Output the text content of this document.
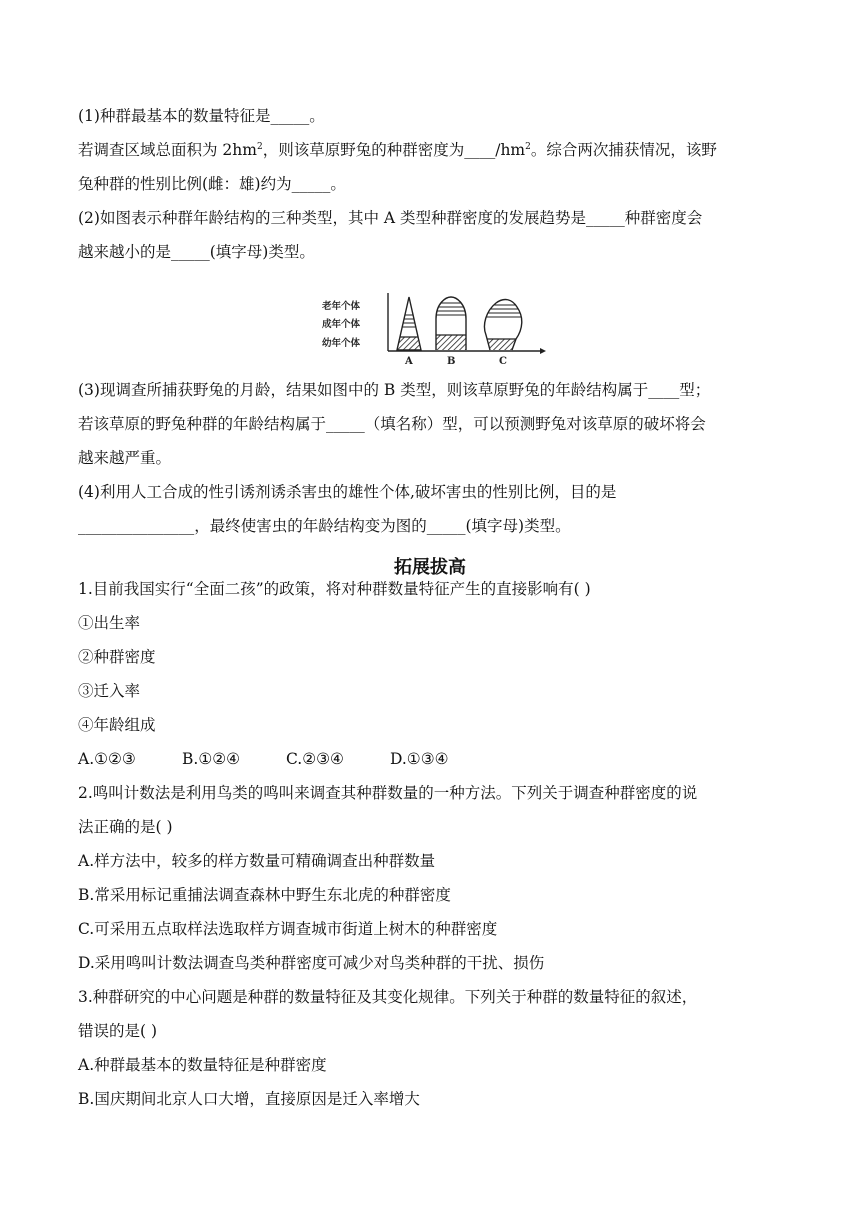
(1)种群最基本的数量特征是_____。
若调查区域总面积为 $2hm^2$，则该草原野兔的种群密度为$\_\_\_\_/hm^2$。综合两次捕获情况，该野
兔种群的性别比例(雌：雄)约为_____。
(2)如图表示种群年龄结构的三种类型，其中 A 类型种群密度的发展趋势是_____种群密度会
越来越小的是_____(填字母)类型。
老年个体
成年个体
幼年个体
A	B	C
(3)现调查所捕获野兔的月龄，结果如图中的 B 类型，则该草原野兔的年龄结构属于____型；
若该草原的野兔种群的年龄结构属于_____（填名称）型，可以预测野兔对该草原的破坏将会
越来越严重。
(4)利用人工合成的性引诱剂诱杀害虫的雄性个体,破坏害虫的性别比例，目的是
_______________，最终使害虫的年龄结构变为图的_____(填字母)类型。
拓展拔高
1.目前我国实行“全面二孩”的政策，将对种群数量特征产生的直接影响有( )
①出生率
②种群密度
③迁入率
④年龄组成
A.①②③	B.①②④	C.②③④	D.①③④
2.鸣叫计数法是利用鸟类的鸣叫来调查其种群数量的一种方法。下列关于调查种群密度的说
法正确的是( )
A.样方法中，较多的样方数量可精确调查出种群数量
B.常采用标记重捕法调查森林中野生东北虎的种群密度
C.可采用五点取样法选取样方调查城市街道上树木的种群密度
D.采用鸣叫计数法调查鸟类种群密度可减少对鸟类种群的干扰、损伤
3.种群研究的中心问题是种群的数量特征及其变化规律。下列关于种群的数量特征的叙述，
错误的是( )
A.种群最基本的数量特征是种群密度
B.国庆期间北京人口大增，直接原因是迁入率增大
